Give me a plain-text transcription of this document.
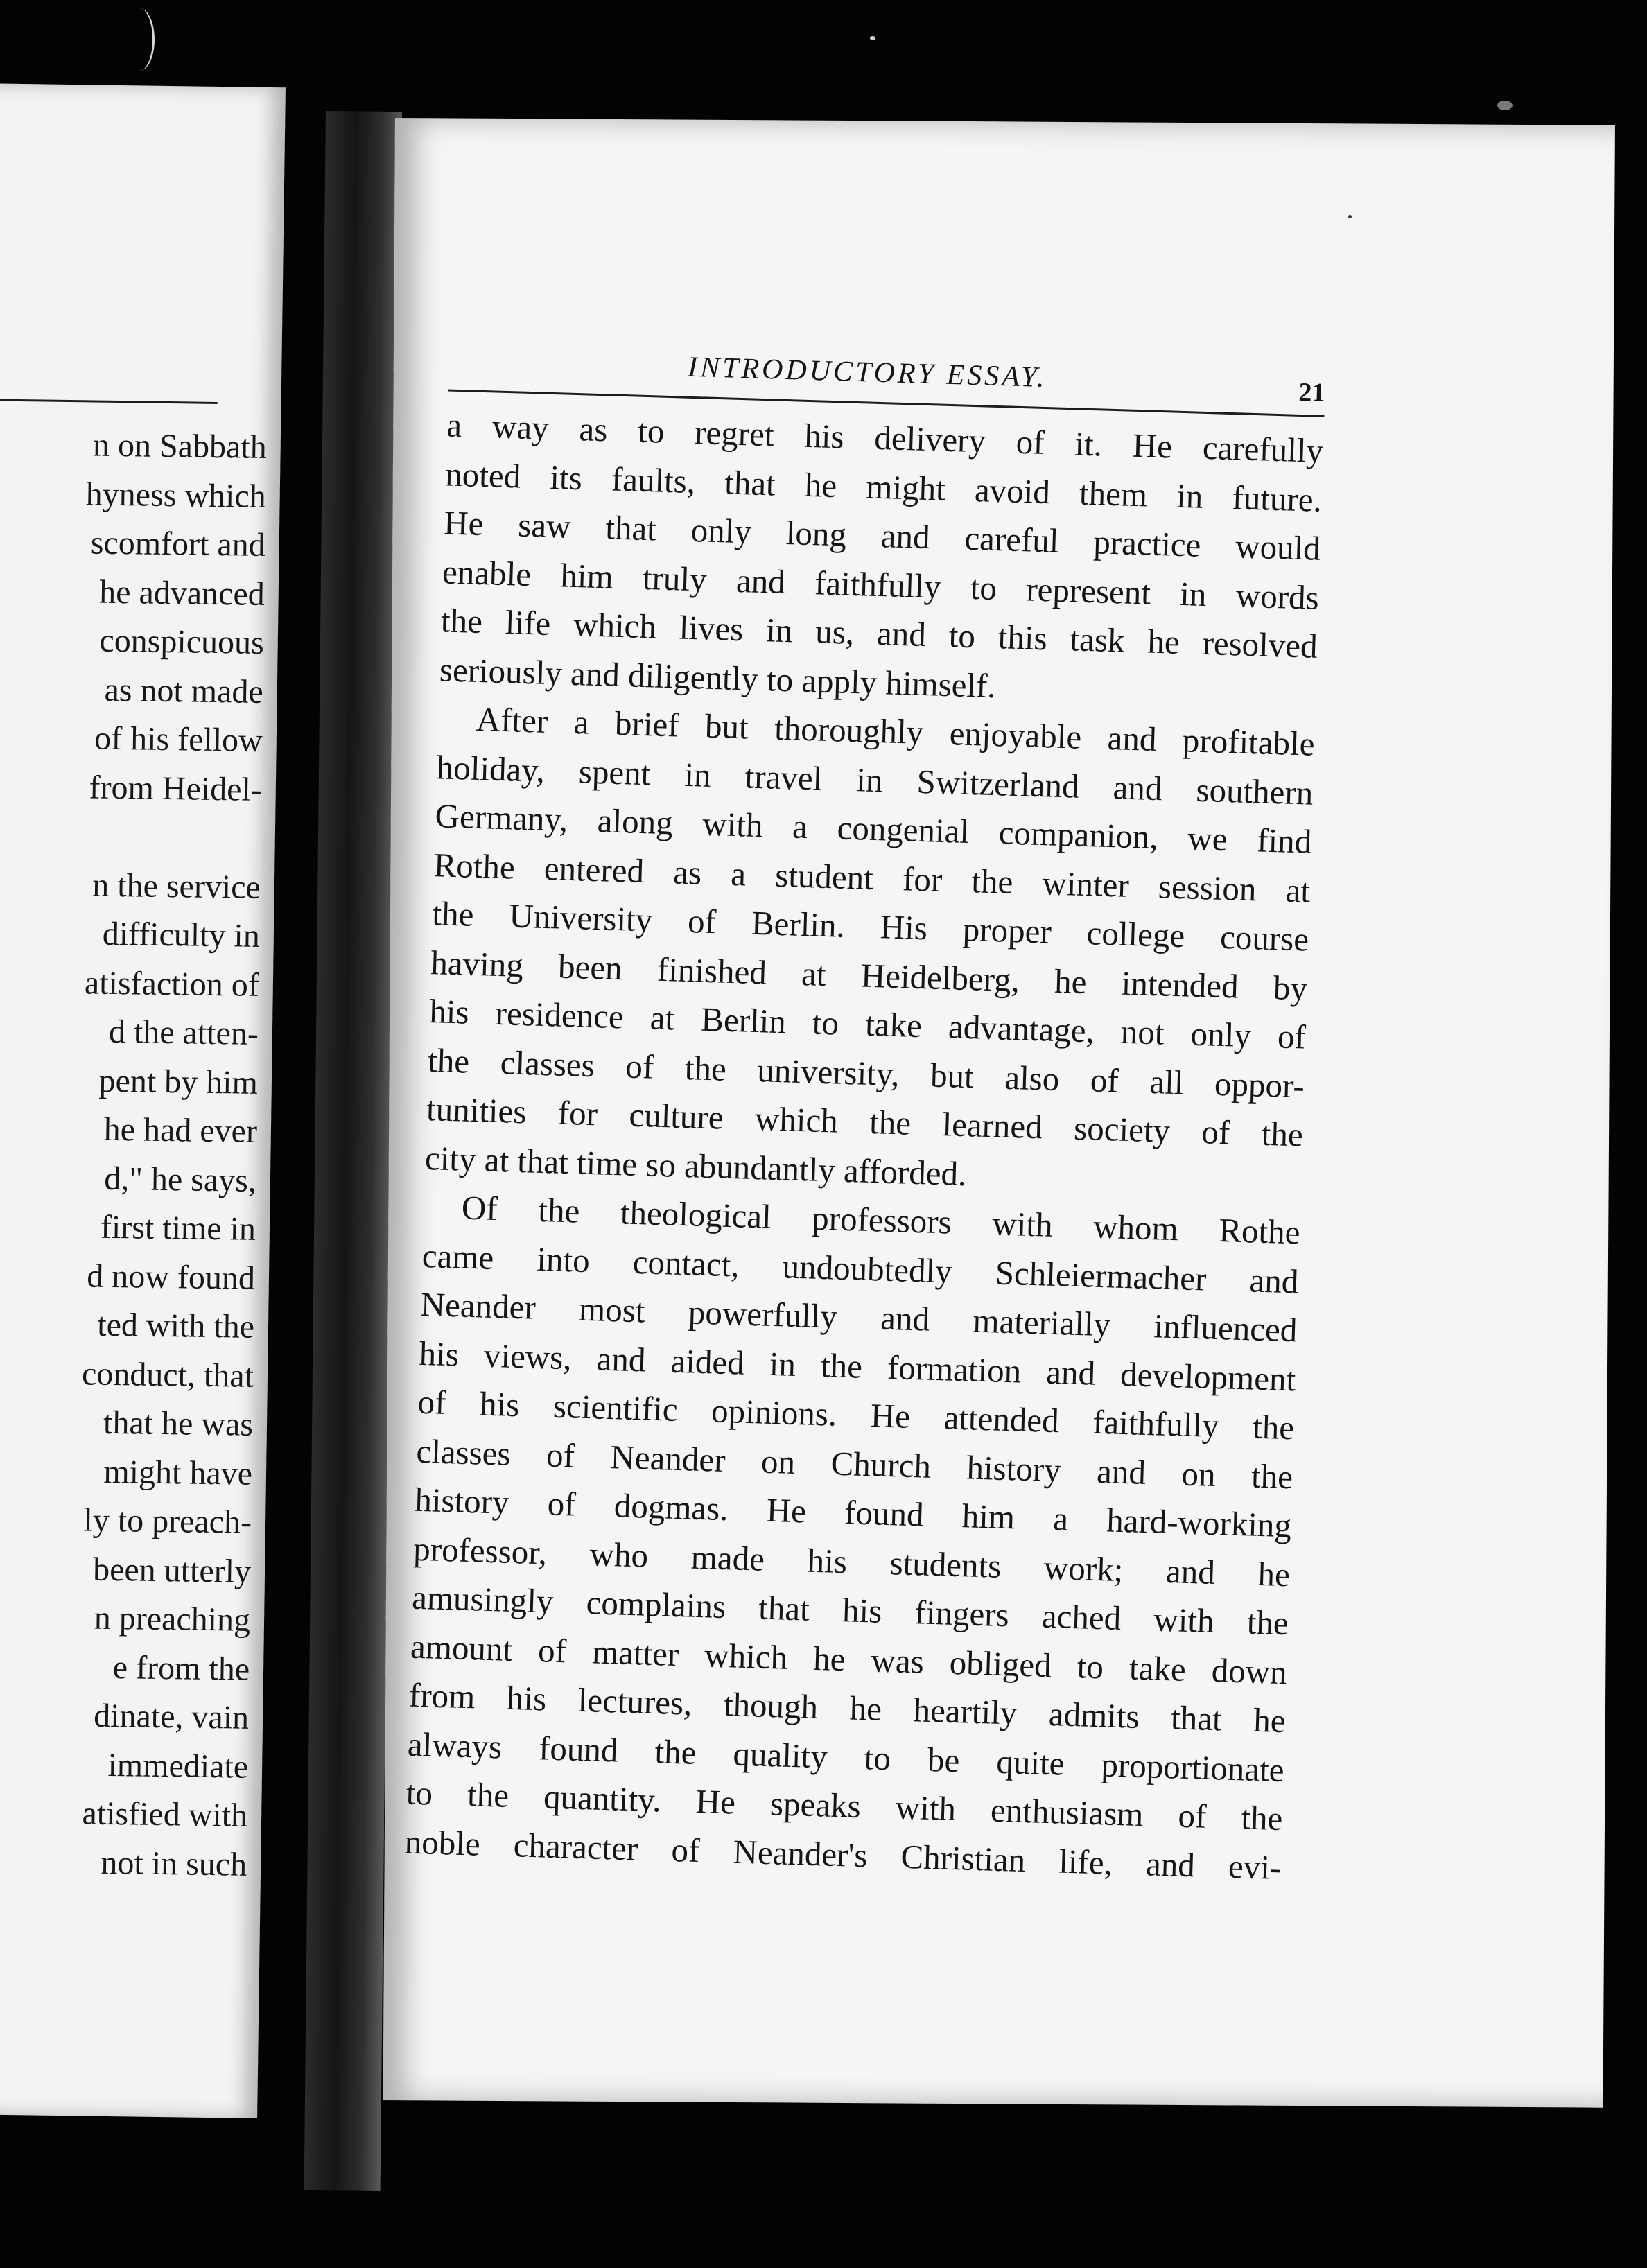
n on Sabbath
hyness which
scomfort and
he advanced
conspicuous
as not made
of his fellow
from Heidel-
n the service
difficulty in
atisfaction of
d the atten-
pent by him
he had ever
d," he says,
first time in
d now found
ted with the
conduct, that
that he was
might have
ly to preach-
been utterly
n preaching
e from the
dinate, vain
immediate
atisfied with
not in such
INTRODUCTORY ESSAY.	21
a way as to regret his delivery of it. He carefully
noted its faults, that he might avoid them in future.
He saw that only long and careful practice would
enable him truly and faithfully to represent in words
the life which lives in us, and to this task he resolved
seriously and diligently to apply himself.
After a brief but thoroughly enjoyable and profitable
holiday, spent in travel in Switzerland and southern
Germany, along with a congenial companion, we find
Rothe entered as a student for the winter session at
the University of Berlin. His proper college course
having been finished at Heidelberg, he intended by
his residence at Berlin to take advantage, not only of
the classes of the university, but also of all oppor-
tunities for culture which the learned society of the
city at that time so abundantly afforded.
Of the theological professors with whom Rothe
came into contact, undoubtedly Schleiermacher and
Neander most powerfully and materially influenced
his views, and aided in the formation and development
of his scientific opinions. He attended faithfully the
classes of Neander on Church history and on the
history of dogmas. He found him a hard-working
professor, who made his students work; and he
amusingly complains that his fingers ached with the
amount of matter which he was obliged to take down
from his lectures, though he heartily admits that he
always found the quality to be quite proportionate
to the quantity. He speaks with enthusiasm of the
noble character of Neander's Christian life, and evi-
